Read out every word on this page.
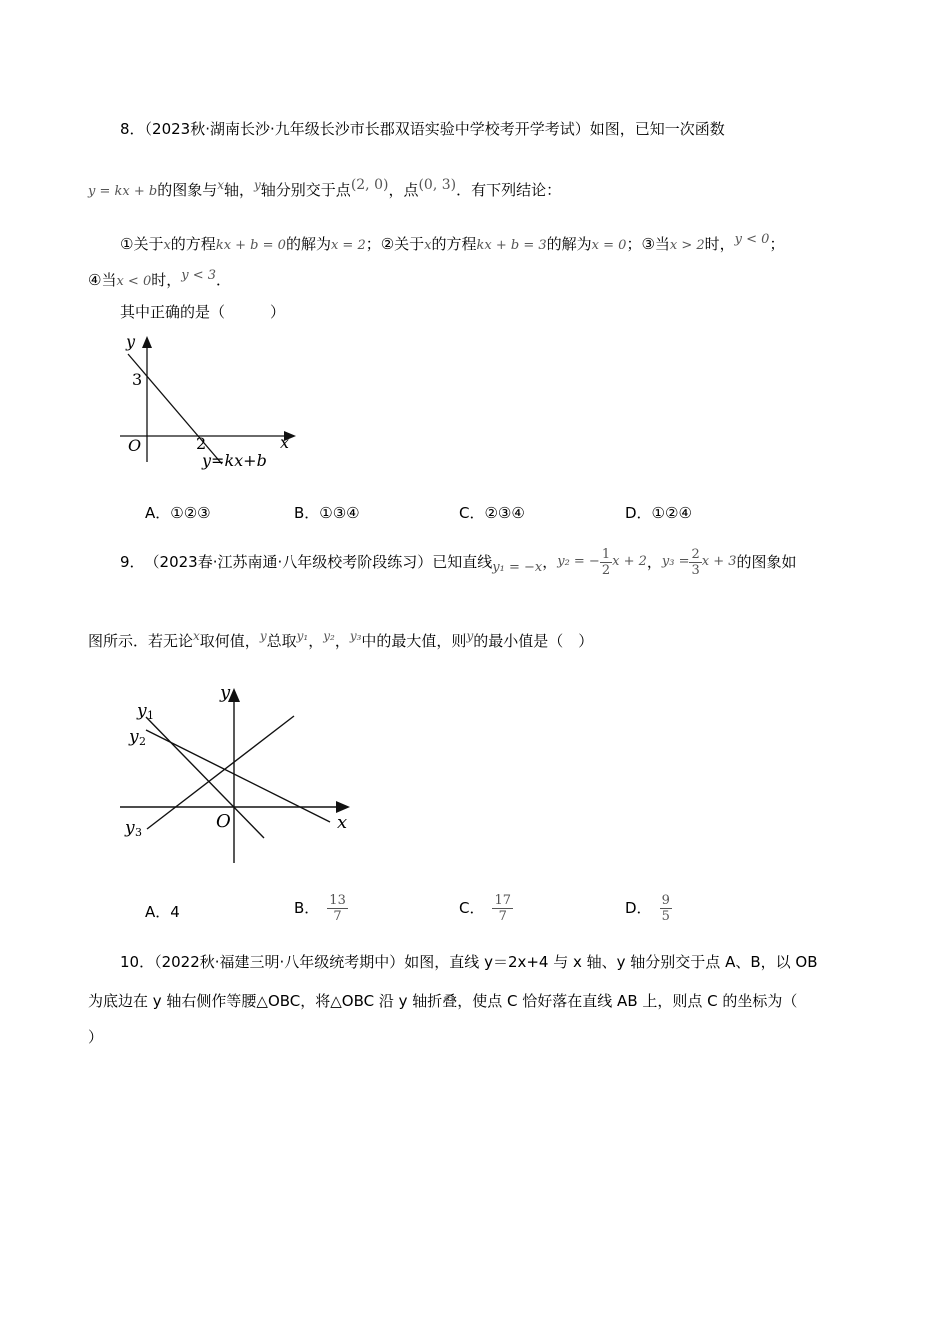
8．（2023秋·湖南长沙·九年级长沙市长郡双语实验中学校考开学考试）如图，已知一次函数
y = kx + b的图象与$^x$轴，$^y$轴分别交于点$^{(2, 0)}$，点$^{(0, 3)}$．有下列结论：
①关于x的方程kx + b = 0的解为x = 2；②关于x的方程kx + b = 3的解为x = 0；③当x > 2时，$^{y < 0}$；
④当x < 0时，$^{y < 3}$．
其中正确的是（　　　）
y
x
O
3
2
y=kx+b
A．①②③	B．①③④	C．②③④	D．①②④
9． （2023春·江苏南通·八年级校考阶段练习）已知直线 y₁ = −x ， y₂ = − $\frac{1}{2}$ x + 2 ， $y_3 = \frac{2}{3}$ x + 3 的图象如
图所示．若无论$^x$取何值，$^y$总取$^{y_1}$，$^{y_2}$，$^{y_3}$中的最大值，则$^y$的最小值是（　）
y
x
O
y 1
y 2
y 3
A．4	B． $\frac{13}{7}$	C． $\frac{17}{7}$	D． $\frac{9}{5}$
10．（2022秋·福建三明·八年级统考期中）如图，直线 y＝2x+4 与 x 轴、y 轴分别交于点 A、B，以 OB
为底边在 y 轴右侧作等腰△OBC，将△OBC 沿 y 轴折叠，使点 C 恰好落在直线 AB 上，则点 C 的坐标为（
）
